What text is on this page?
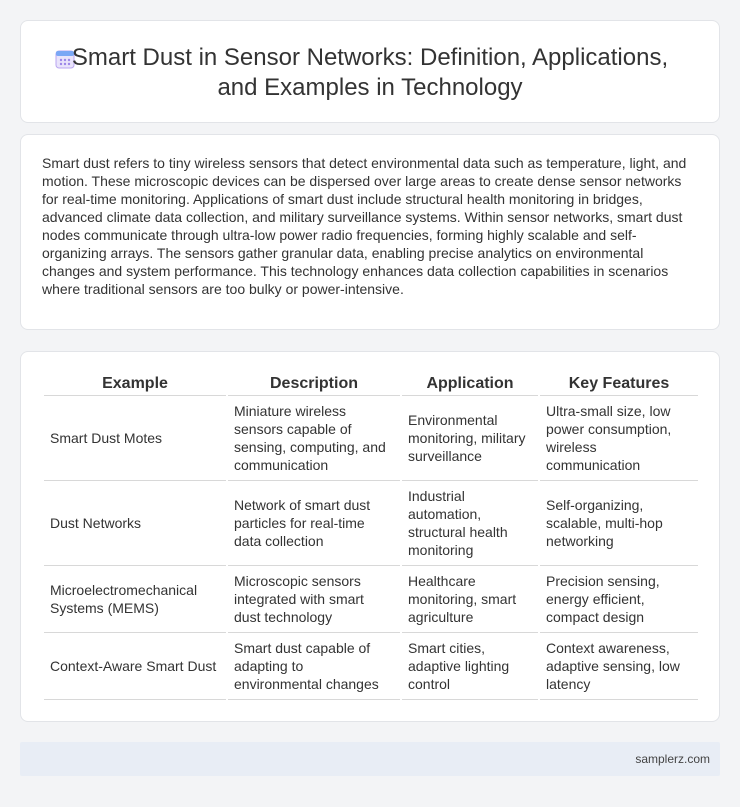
Smart Dust in Sensor Networks: Definition, Applications,
and Examples in Technology

Smart dust refers to tiny wireless sensors that detect environmental data such as temperature, light, and motion. These microscopic devices can be dispersed over large areas to create dense sensor networks for real-time monitoring. Applications of smart dust include structural health monitoring in bridges, advanced climate data collection, and military surveillance systems. Within sensor networks, smart dust nodes communicate through ultra-low power radio frequencies, forming highly scalable and self-organizing arrays. The sensors gather granular data, enabling precise analytics on environmental changes and system performance. This technology enhances data collection capabilities in scenarios where traditional sensors are too bulky or power-intensive.

Example	Description	Application	Key Features
Smart Dust Motes	Miniature wireless sensors capable of sensing, computing, and communication	Environmental monitoring, military surveillance	Ultra-small size, low power consumption, wireless communication
Dust Networks	Network of smart dust particles for real-time data collection	Industrial automation, structural health monitoring	Self-organizing, scalable, multi-hop networking
Microelectromechanical Systems (MEMS)	Microscopic sensors integrated with smart dust technology	Healthcare monitoring, smart agriculture	Precision sensing, energy efficient, compact design
Context-Aware Smart Dust	Smart dust capable of adapting to environmental changes	Smart cities, adaptive lighting control	Context awareness, adaptive sensing, low latency
samplerz.com
